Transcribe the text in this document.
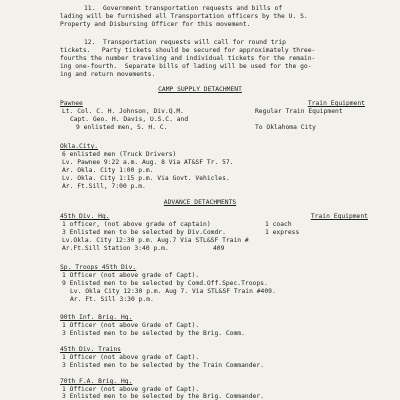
11.  Government transportation requests and bills of
lading will be furnished all Transportation officers by the U. S.
Property and Disbursing Officer for this movement.
12.  Transportation requests will call for round trip
tickets.   Party tickets should be secured for approximately three-
fourths the number traveling and individual tickets for the remain-
ing one-fourth.  Separate bills of lading will be used for the go-
ing and return movements.
CAMP SUPPLY DETACHMENT
Pawnee	Train Equipment
Lt. Col. C. H. Johnson, Div.Q.M.	Regular Train Equipment
Capt. Geo. H. Davis, U.S.C. and
9 enlisted men, S. H. C.	To Oklahoma City
Okla.City.
6 enlisted men (Truck Drivers)
Lv. Pawnee 9:22 a.m. Aug. 8 Via AT&SF Tr. 57.
Ar. Okla. City 1:00 p.m.
Lv. Okla. City 1:15 p.m. Via Govt. Vehicles.
Ar. Ft.Sill, 7:00 p.m.
ADVANCE DETACHMENTS
45th Div. Hq.	Train Equipment
1 officer, (not above grade of captain)	1 coach
3 Enlisted men to be selected by Div.Comdr.	1 express
Lv.Okla. City 12:30 p.m. Aug.7 Via STL&SF Train #
Ar.Ft.Sill Station 3:40 p.m.	409
Sp. Troops 45th Div.
1 Officer (not above grade of Capt).
9 Enlisted men to be selected by Comd.Off.Spec.Troops.
Lv. Okla City 12:30 p.m. Aug 7. Via STL&SF Train #409.
Ar. Ft. Sill 3:30 p.m.
90th Inf. Brig. Hq.
1 Officer (not above Grade of Capt).
3 Enlisted men to be selected by the Brig. Comm.
45th Div. Trains
1 Officer (not above grade of Capt).
3 Enlisted men to be selected by the Train Commander.
70th F.A. Brig. Hq.
1 Officer (not above grade of Capt).
3 Enlisted men to be selected by the Brig. Commander.
